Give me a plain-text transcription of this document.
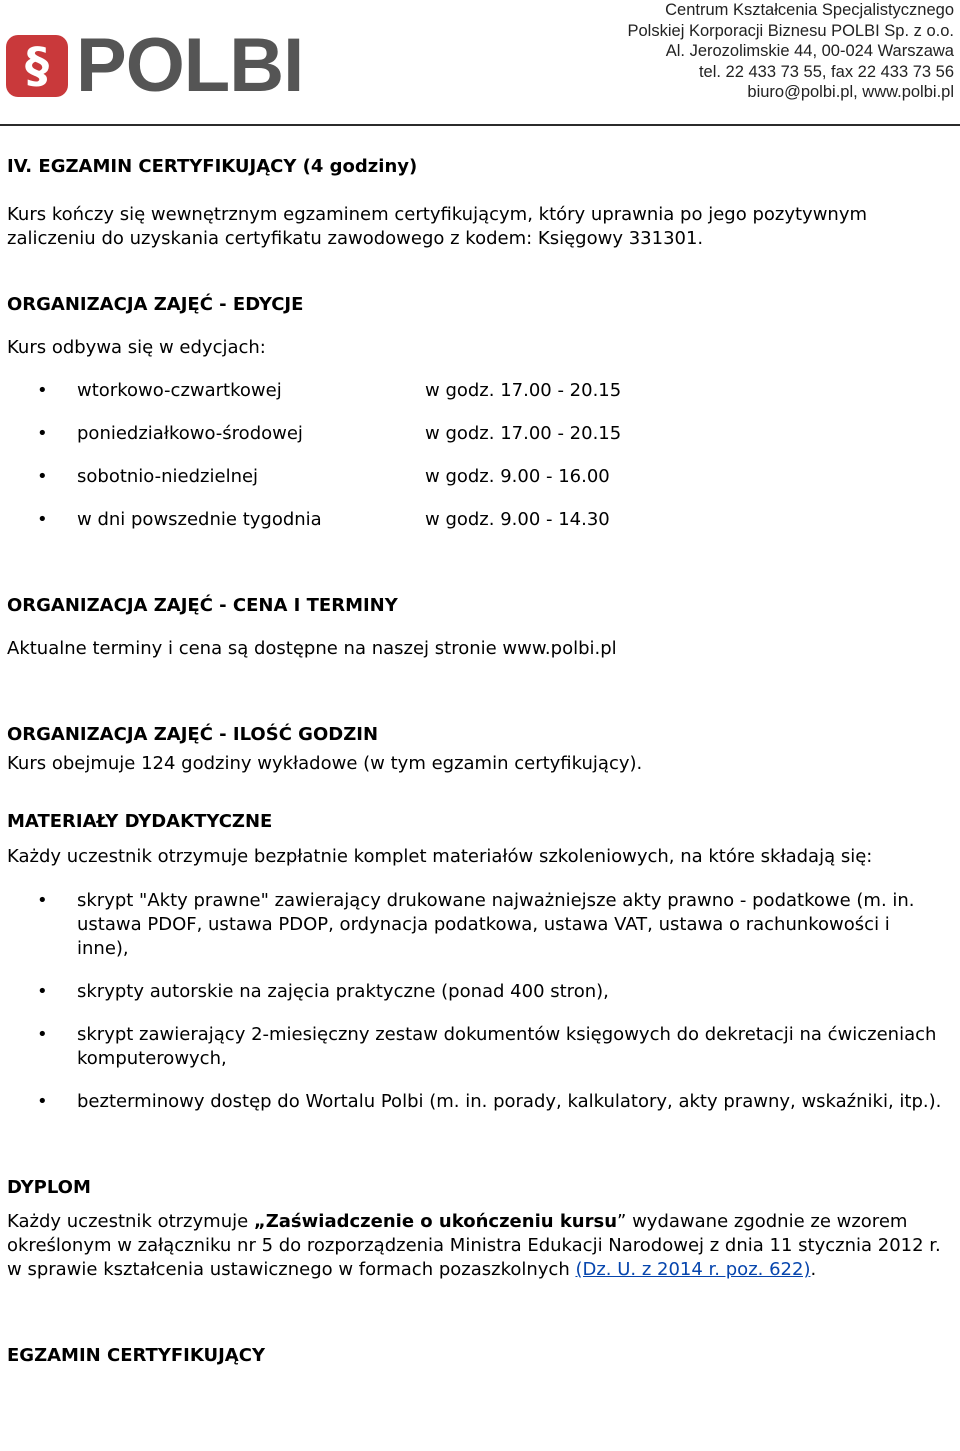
§ POLBI
Centrum Kształcenia Specjalistycznego
Polskiej Korporacji Biznesu POLBI Sp. z o.o.
Al. Jerozolimskie 44, 00-024 Warszawa
tel. 22 433 73 55, fax 22 433 73 56
biuro@polbi.pl, www.polbi.pl

IV. EGZAMIN CERTYFIKUJĄCY (4 godziny)

Kurs kończy się wewnętrznym egzaminem certyfikującym, który uprawnia po jego pozytywnym zaliczeniu do uzyskania certyfikatu zawodowego z kodem: Księgowy 331301.

ORGANIZACJA ZAJĘĆ - EDYCJE

Kurs odbywa się w edycjach:

• wtorkowo-czwartkowej	w godz. 17.00 - 20.15
• poniedziałkowo-środowej	w godz. 17.00 - 20.15
• sobotnio-niedzielnej	w godz. 9.00 - 16.00
• w dni powszednie tygodnia	w godz. 9.00 - 14.30

ORGANIZACJA ZAJĘĆ - CENA I TERMINY

Aktualne terminy i cena są dostępne na naszej stronie www.polbi.pl

ORGANIZACJA ZAJĘĆ - ILOŚĆ GODZIN

Kurs obejmuje 124 godziny wykładowe (w tym egzamin certyfikujący).

MATERIAŁY DYDAKTYCZNE

Każdy uczestnik otrzymuje bezpłatnie komplet materiałów szkoleniowych, na które składają się:

• skrypt "Akty prawne" zawierający drukowane najważniejsze akty prawno - podatkowe (m. in. ustawa PDOF, ustawa PDOP, ordynacja podatkowa, ustawa VAT, ustawa o rachunkowości i inne),
• skrypty autorskie na zajęcia praktyczne (ponad 400 stron),
• skrypt zawierający 2-miesięczny zestaw dokumentów księgowych do dekretacji na ćwiczeniach komputerowych,
• bezterminowy dostęp do Wortalu Polbi (m. in. porady, kalkulatory, akty prawny, wskaźniki, itp.).

DYPLOM

Każdy uczestnik otrzymuje „Zaświadczenie o ukończeniu kursu” wydawane zgodnie ze wzorem określonym w załączniku nr 5 do rozporządzenia Ministra Edukacji Narodowej z dnia 11 stycznia 2012 r. w sprawie kształcenia ustawicznego w formach pozaszkolnych (Dz. U. z 2014 r. poz. 622).

EGZAMIN CERTYFIKUJĄCY
